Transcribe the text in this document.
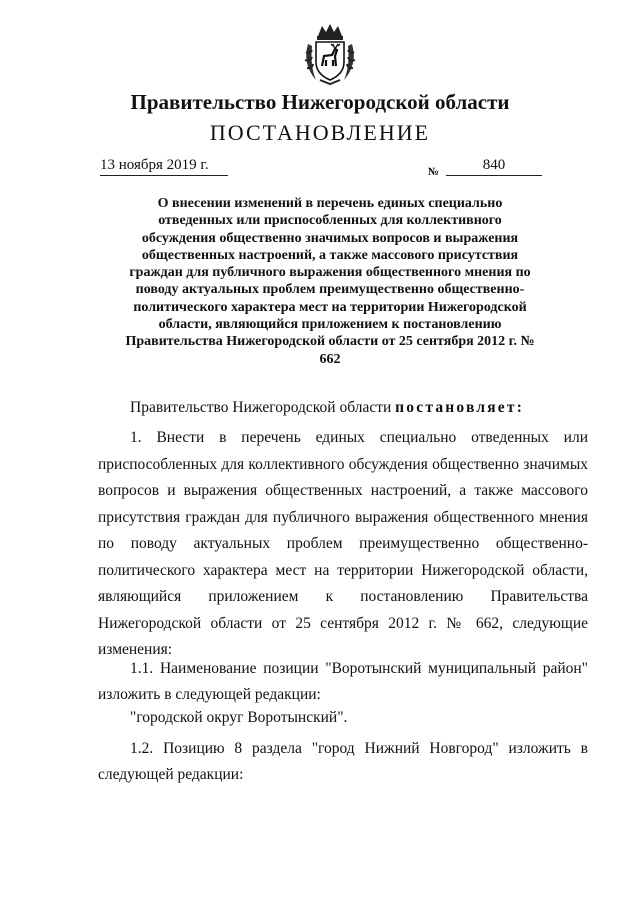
Правительство Нижегородской области
ПОСТАНОВЛЕНИЕ
13 ноября 2019 г.	№	840
О внесении изменений в перечень единых специально отведенных или приспособленных для коллективного обсуждения общественно значимых вопросов и выражения общественных настроений, а также массового присутствия граждан для публичного выражения общественного мнения по поводу актуальных проблем преимущественно общественно-политического характера мест на территории Нижегородской области, являющийся приложением к постановлению Правительства Нижегородской области от 25 сентября 2012 г. № 662
Правительство Нижегородской области постановляет:

1. Внести в перечень единых специально отведенных или приспособленных для коллективного обсуждения общественно значимых вопросов и выражения общественных настроений, а также массового присутствия граждан для публичного выражения общественного мнения по поводу актуальных проблем преимущественно общественно-политического характера мест на территории Нижегородской области, являющийся приложением к постановлению Правительства Нижегородской области от 25 сентября 2012 г. № 662, следующие изменения:

1.1. Наименование позиции "Воротынский муниципальный район" изложить в следующей редакции:

"городской округ Воротынский".

1.2. Позицию 8 раздела "город Нижний Новгород" изложить в следующей редакции:
